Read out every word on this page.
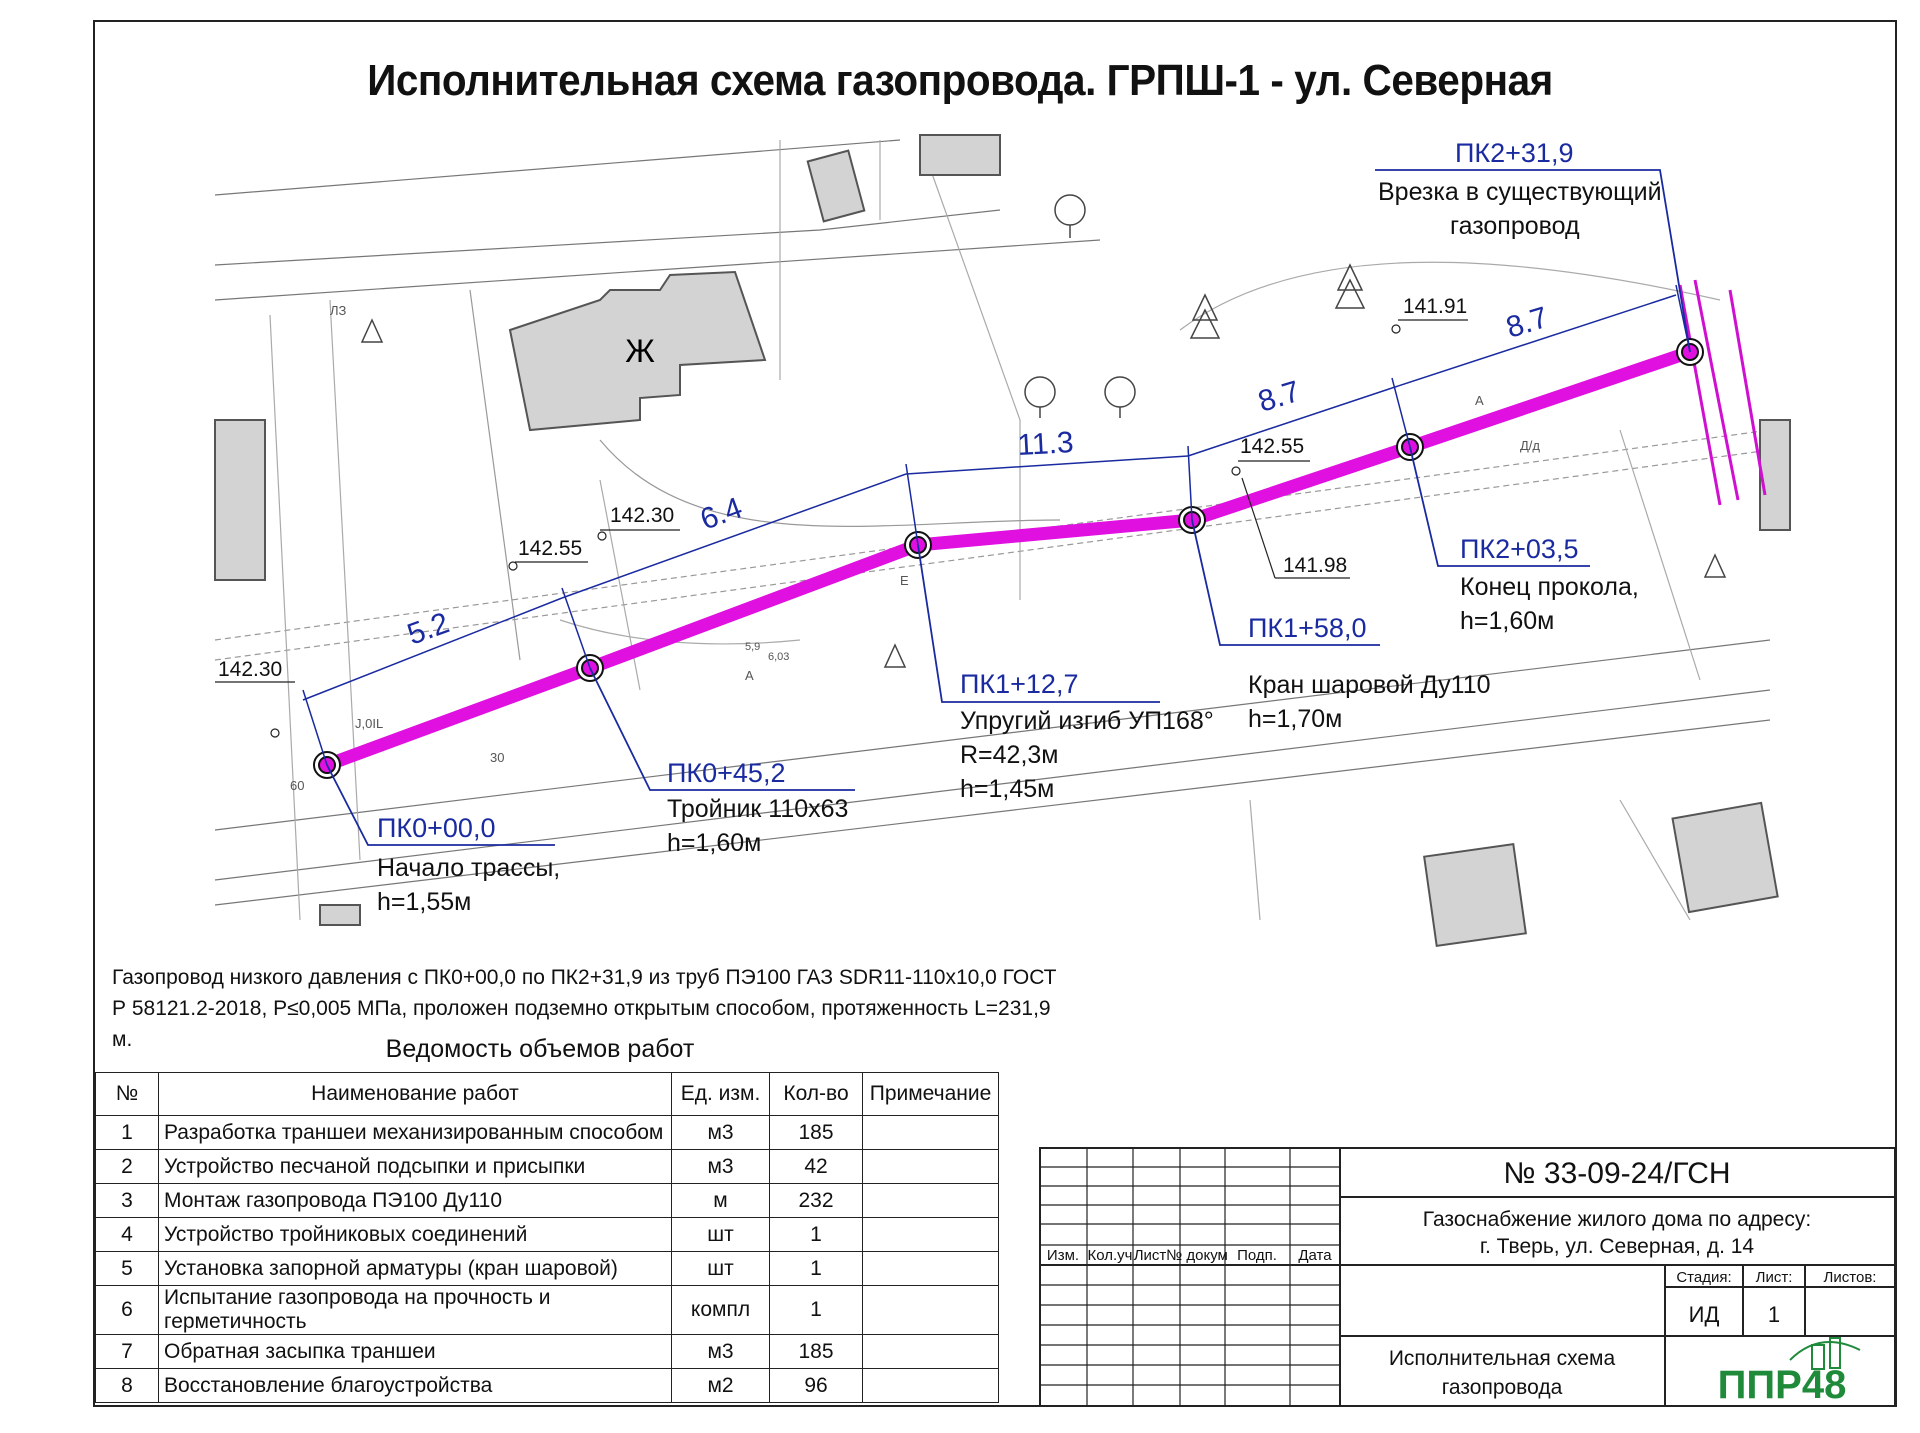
Исполнительная схема газопровода. ГРПШ-1 - ул. Северная
Ж
ЛЗ
Е
А
А
Д/д
30
60
5,9
6,03
J,0IL
5.2
6.4
11.3
8.7
8.7
142.30
142.55
142.30
142.55
141.98
141.91
ПК0+00,0
ПК0+45,2
ПК1+12,7
ПК1+58,0
ПК2+03,5
ПК2+31,9
Начало трассы,
h=1,55м
Тройник 110х63
h=1,60м
Упругий изгиб УП168°
R=42,3м
h=1,45м
Кран шаровой Ду110
h=1,70м
Конец прокола,
h=1,60м
Врезка в существующий
газопровод
Изм. Кол.уч Лист № докум Подп. Дата
Стадия: Лист: Листов:
ИД 1
№ 33-09-24/ГСН
Газоснабжение жилого дома по адресу:
г. Тверь, ул. Северная, д. 14
Исполнительная схема
газопровода	ППР48
Газопровод низкого давления с ПК0+00,0 по ПК2+31,9 из труб ПЭ100 ГАЗ SDR11-110х10,0 ГОСТ Р 58121.2-2018, Р≤0,005 МПа, проложен подземно открытым способом, протяженность L=231,9 м.	Ведомость объемов работ
№	Наименование работ	Ед. изм.	Кол-во	Примечание
1	Разработка траншеи механизированным способом	м3	185	
2	Устройство песчаной подсыпки и присыпки	м3	42	
3	Монтаж газопровода ПЭ100 Ду110	м	232	
4	Устройство тройниковых соединений	шт	1	
5	Установка запорной арматуры (кран шаровой)	шт	1	
6	Испытание газопровода на прочность и герметичность	компл	1	
7	Обратная засыпка траншеи	м3	185	
8	Восстановление благоустройства	м2	96	
